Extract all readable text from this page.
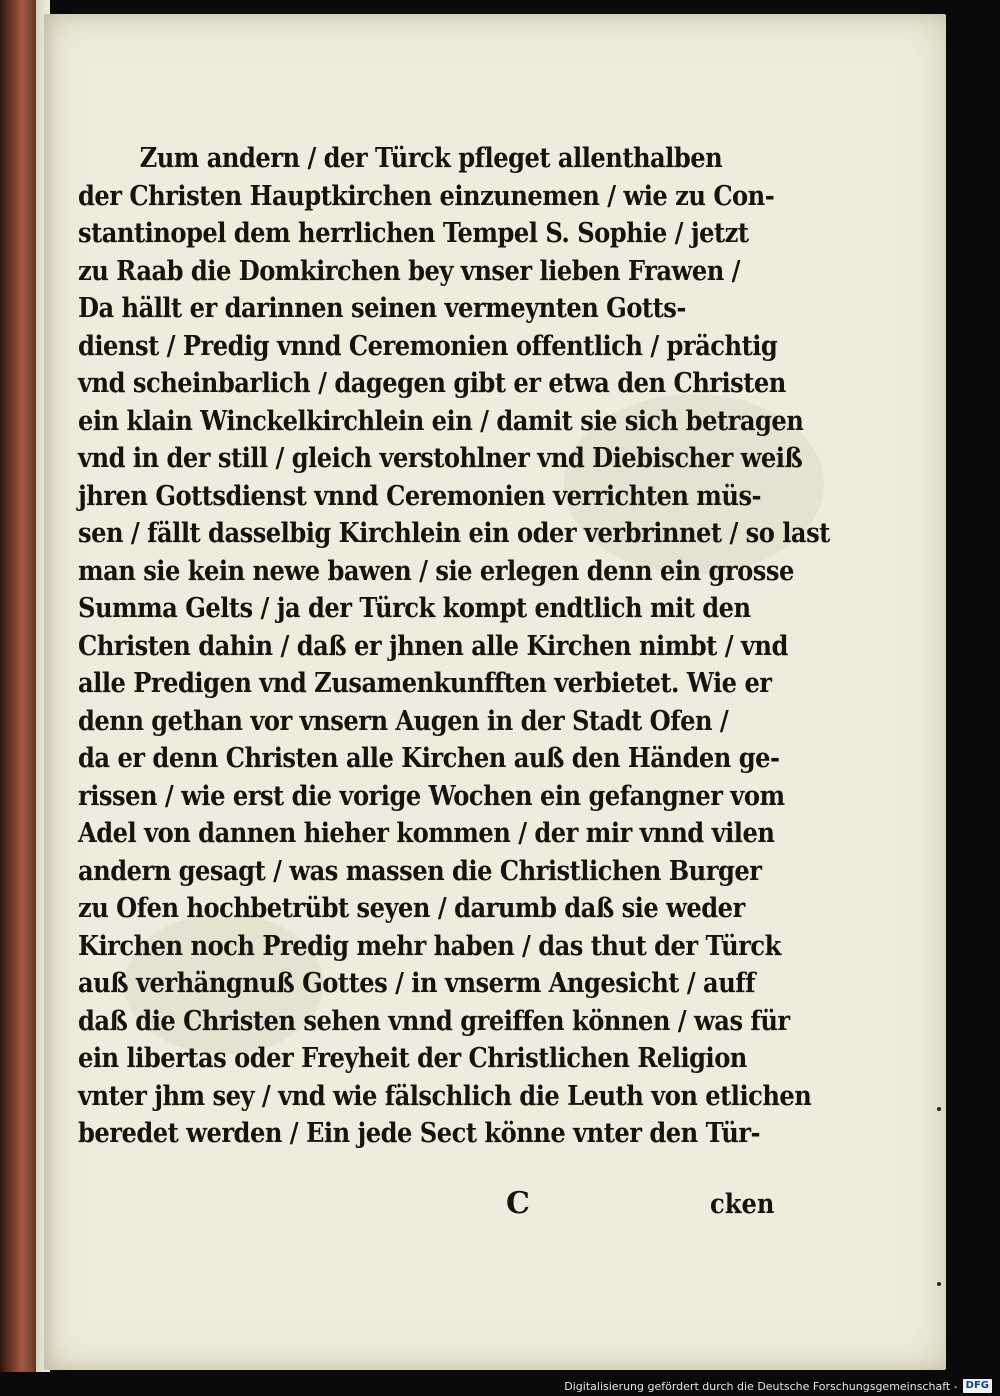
Zum andern / der Türck pfleget allenthalben
der Christen Hauptkirchen einzunemen / wie zu Con-
stantinopel dem herrlichen Tempel S. Sophie / jetzt
zu Raab die Domkirchen bey vnser lieben Frawen /
Da hällt er darinnen seinen vermeynten Gotts-
dienst / Predig vnnd Ceremonien offentlich / prächtig
vnd scheinbarlich / dagegen gibt er etwa den Christen
ein klain Winckelkirchlein ein / damit sie sich betragen
vnd in der still / gleich verstohlner vnd Diebischer weiß
jhren Gottsdienst vnnd Ceremonien verrichten müs-
sen / fällt dasselbig Kirchlein ein oder verbrinnet / so last
man sie kein newe bawen / sie erlegen denn ein grosse
Summa Gelts / ja der Türck kompt endtlich mit den
Christen dahin / daß er jhnen alle Kirchen nimbt / vnd
alle Predigen vnd Zusamenkunfften verbietet. Wie er
denn gethan vor vnsern Augen in der Stadt Ofen /
da er denn Christen alle Kirchen auß den Händen ge-
rissen / wie erst die vorige Wochen ein gefangner vom
Adel von dannen hieher kommen / der mir vnnd vilen
andern gesagt / was massen die Christlichen Burger
zu Ofen hochbetrübt seyen / darumb daß sie weder
Kirchen noch Predig mehr haben / das thut der Türck
auß verhängnuß Gottes / in vnserm Angesicht / auff
daß die Christen sehen vnnd greiffen können / was für
ein libertas oder Freyheit der Christlichen Religion
vnter jhm sey / vnd wie fälschlich die Leuth von etlichen
beredet werden / Ein jede Sect könne vnter den Tür-
C	cken
Digitalisierung gefördert durch die Deutsche Forschungsgemeinschaft - DFG
